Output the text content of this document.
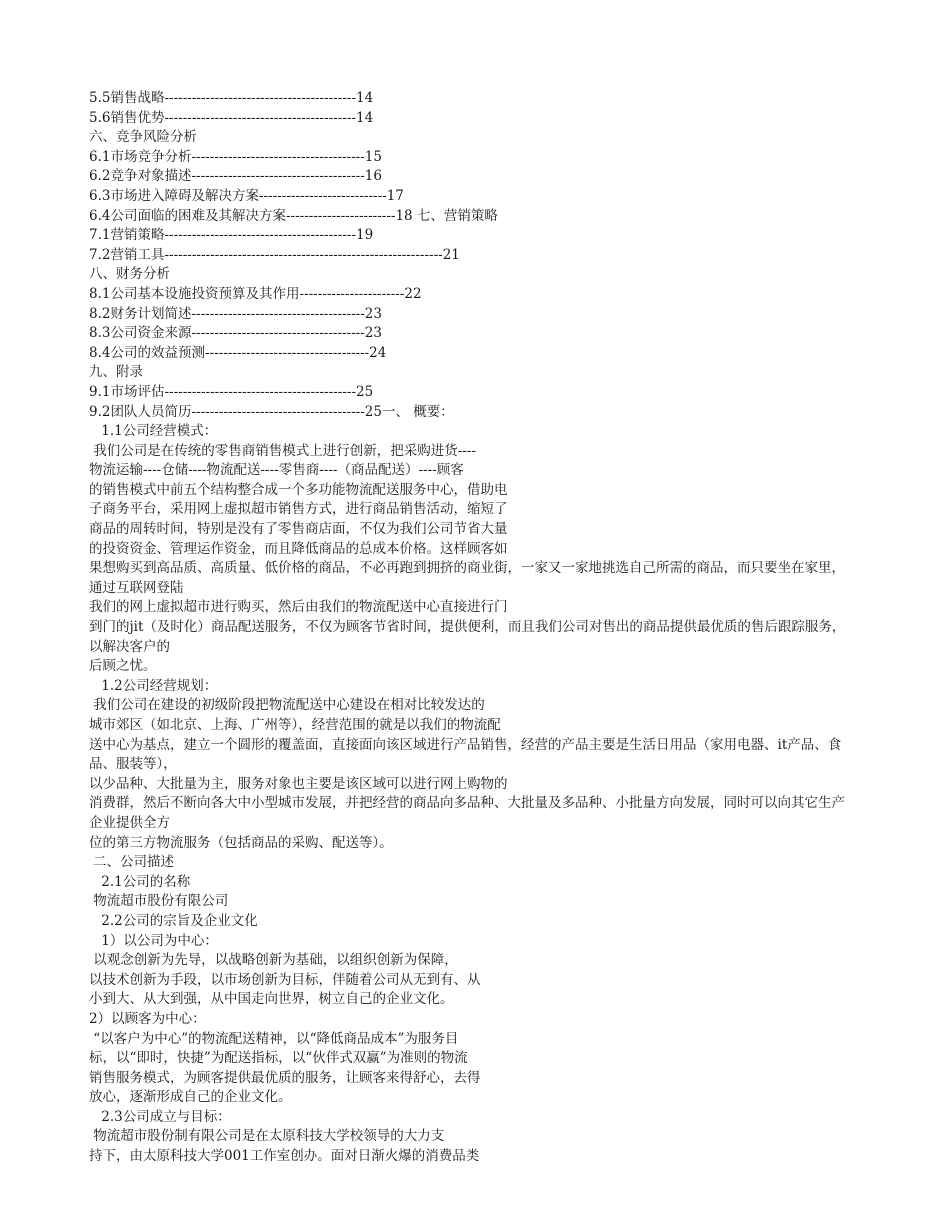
5.5销售战略------------------------------------------14
5.6销售优势------------------------------------------14
六、竞争风险分析
6.1市场竞争分析--------------------------------------15
6.2竞争对象描述--------------------------------------16
6.3市场进入障碍及解决方案----------------------------17
6.4公司面临的困难及其解决方案------------------------18 七、营销策略
7.1营销策略------------------------------------------19
7.2营销工具-------------------------------------------------------------21
八、财务分析
8.1公司基本设施投资预算及其作用-----------------------22
8.2财务计划简述--------------------------------------23
8.3公司资金来源--------------------------------------23
8.4公司的效益预测------------------------------------24
九、附录
9.1市场评估------------------------------------------25
9.2团队人员简历--------------------------------------25一、 概要：
1.1公司经营模式：
我们公司是在传统的零售商销售模式上进行创新，把采购进货----
物流运输----仓储----物流配送----零售商----（商品配送）----顾客
的销售模式中前五个结构整合成一个多功能物流配送服务中心，借助电
子商务平台，采用网上虚拟超市销售方式，进行商品销售活动，缩短了
商品的周转时间，特别是没有了零售商店面，不仅为我们公司节省大量
的投资资金、管理运作资金，而且降低商品的总成本价格。这样顾客如
果想购买到高品质、高质量、低价格的商品，不必再跑到拥挤的商业街，一家又一家地挑选自己所需的商品，而只要坐在家里，通过互联网登陆
我们的网上虚拟超市进行购买，然后由我们的物流配送中心直接进行门
到门的jit（及时化）商品配送服务，不仅为顾客节省时间，提供便利，而且我们公司对售出的商品提供最优质的售后跟踪服务，以解决客户的
后顾之忧。
1.2公司经营规划：
我们公司在建设的初级阶段把物流配送中心建设在相对比较发达的
城市郊区（如北京、上海、广州等），经营范围的就是以我们的物流配
送中心为基点，建立一个圆形的覆盖面，直接面向该区域进行产品销售，经营的产品主要是生活日用品（家用电器、it产品、食品、服装等），
以少品种、大批量为主，服务对象也主要是该区域可以进行网上购物的
消费群，然后不断向各大中小型城市发展，并把经营的商品向多品种、大批量及多品种、小批量方向发展，同时可以向其它生产企业提供全方
位的第三方物流服务（包括商品的采购、配送等）。
二、公司描述
2.1公司的名称
物流超市股份有限公司
2.2公司的宗旨及企业文化
1）以公司为中心：
以观念创新为先导，以战略创新为基础，以组织创新为保障，
以技术创新为手段，以市场创新为目标，伴随着公司从无到有、从
小到大、从大到强，从中国走向世界，树立自己的企业文化。
2）以顾客为中心：
“以客户为中心”的物流配送精神，以“降低商品成本”为服务目
标，以“即时，快捷”为配送指标，以“伙伴式双赢”为准则的物流
销售服务模式，为顾客提供最优质的服务，让顾客来得舒心，去得
放心，逐渐形成自己的企业文化。
2.3公司成立与目标：
物流超市股份制有限公司是在太原科技大学校领导的大力支
持下，由太原科技大学001工作室创办。面对日渐火爆的消费品类
